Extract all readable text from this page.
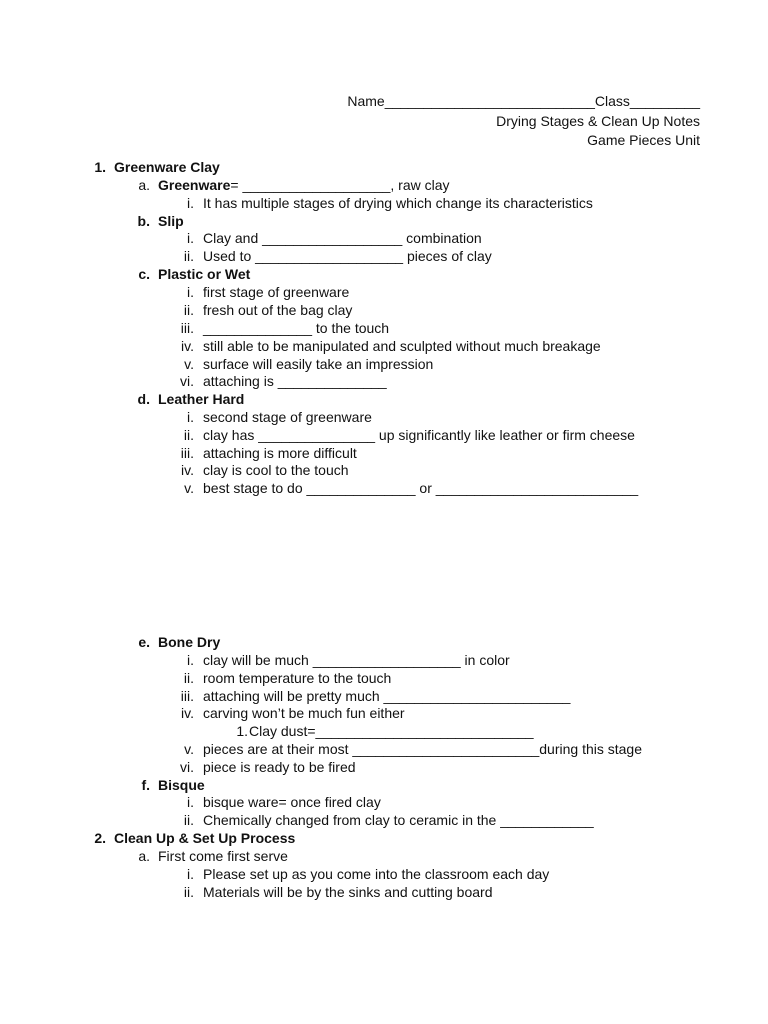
Name___________________________Class_________
Drying Stages & Clean Up Notes
Game Pieces Unit
1. Greenware Clay
a. Greenware= ___________________, raw clay
i. It has multiple stages of drying which change its characteristics
b. Slip
i. Clay and __________________ combination
ii. Used to ___________________ pieces of clay
c. Plastic or Wet
i. first stage of greenware
ii. fresh out of the bag clay
iii. ______________ to the touch
iv. still able to be manipulated and sculpted without much breakage
v. surface will easily take an impression
vi. attaching is ______________
d. Leather Hard
i. second stage of greenware
ii. clay has _______________ up significantly like leather or firm cheese
iii. attaching is more difficult
iv. clay is cool to the touch
v. best stage to do ______________ or __________________________
e. Bone Dry
i. clay will be much ___________________ in color
ii. room temperature to the touch
iii. attaching will be pretty much ________________________
iv. carving won’t be much fun either
1. Clay dust=____________________________
v. pieces are at their most ________________________during this stage
vi. piece is ready to be fired
f. Bisque
i. bisque ware= once fired clay
ii. Chemically changed from clay to ceramic in the ____________
2. Clean Up & Set Up Process
a. First come first serve
i. Please set up as you come into the classroom each day
ii. Materials will be by the sinks and cutting board
